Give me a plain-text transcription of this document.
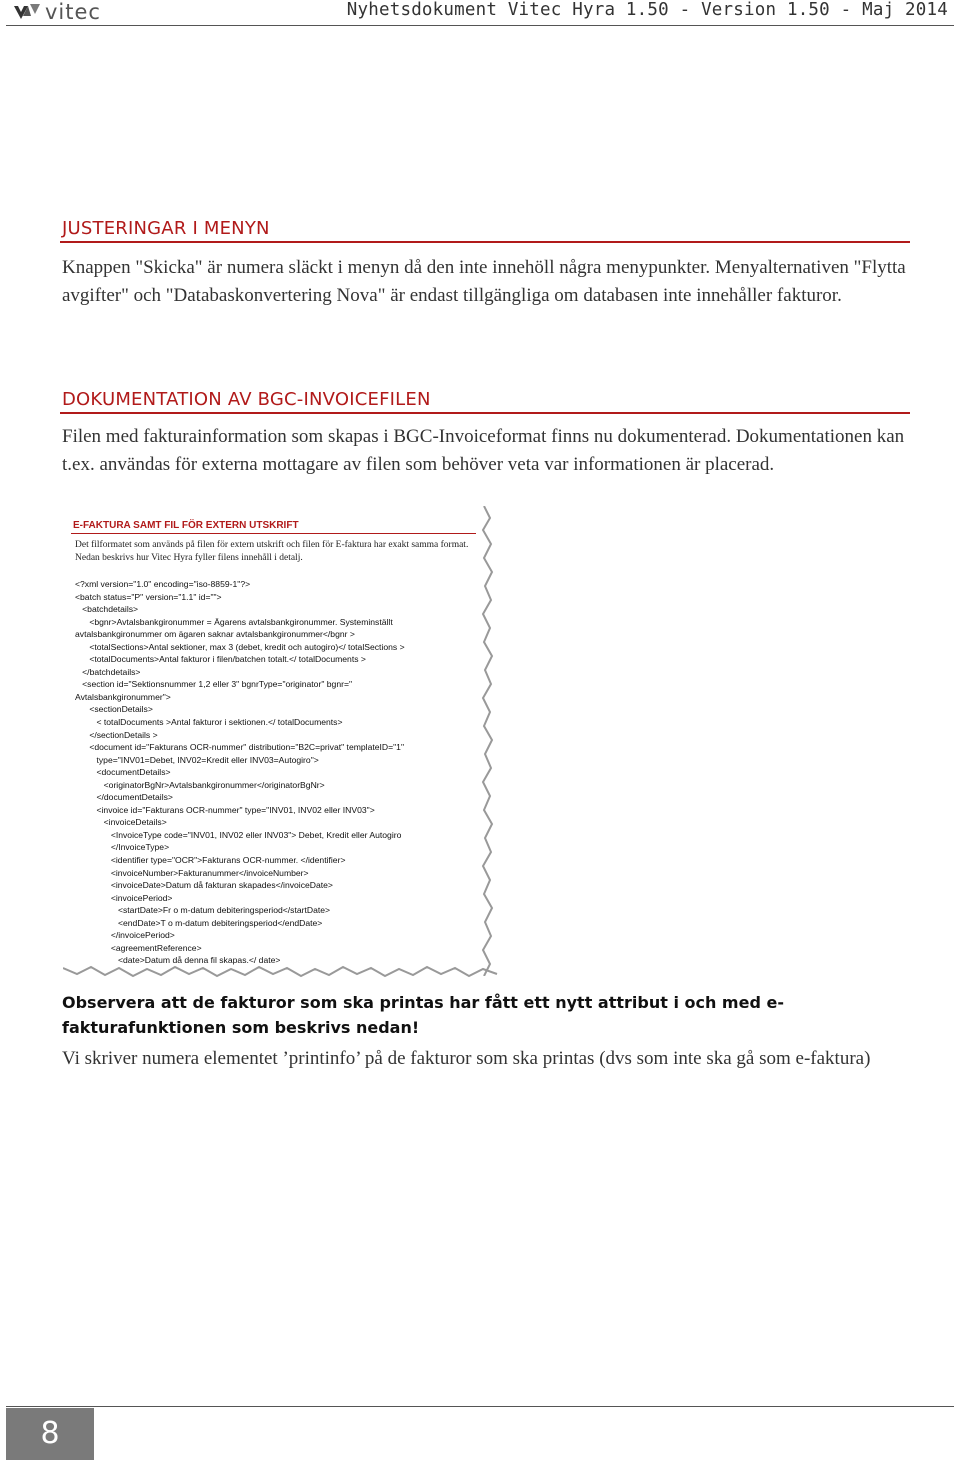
vitec	Nyhetsdokument Vitec Hyra 1.50 - Version 1.50 - Maj 2014
JUSTERINGAR I MENYN
Knappen "Skicka" är numera släckt i menyn då den inte innehöll några menypunkter. Menyalternativen "Flytta avgifter" och "Databaskonvertering Nova" är endast tillgängliga om databasen inte innehåller fakturor.
DOKUMENTATION AV BGC-INVOICEFILEN
Filen med fakturainformation som skapas i BGC-Invoiceformat finns nu dokumenterad. Dokumentationen kan t.ex. användas för externa mottagare av filen som behöver veta var informationen är placerad.
E-FAKTURA SAMT FIL FÖR EXTERN UTSKRIFT
Det filformatet som används på filen för extern utskrift och filen för E-faktura har exakt samma format. Nedan beskrivs hur Vitec Hyra fyller filens innehåll i detalj.
<?xml version="1.0" encoding="iso-8859-1"?>
<batch status="P" version="1.1" id="">
<batchdetails>
<bgnr>Avtalsbankgironummer = Ägarens avtalsbankgironummer. Systeminställt
avtalsbankgironummer om ägaren saknar avtalsbankgironummer</bgnr >
<totalSections>Antal sektioner, max 3 (debet, kredit och autogiro)</ totalSections >
<totalDocuments>Antal fakturor i filen/batchen totalt.</ totalDocuments >
</batchdetails>
<section id="Sektionsnummer 1,2 eller 3" bgnrType="originator" bgnr="
Avtalsbankgironummer">
<sectionDetails>
< totalDocuments >Antal fakturor i sektionen.</ totalDocuments>
</sectionDetails >
<document id="Fakturans OCR-nummer" distribution="B2C=privat" templateID="1"
type="INV01=Debet, INV02=Kredit eller INV03=Autogiro">
<documentDetails>
<originatorBgNr>Avtalsbankgironummer</originatorBgNr>
</documentDetails>
<invoice id="Fakturans OCR-nummer" type="INV01, INV02 eller INV03">
<invoiceDetails>
<InvoiceType code="INV01, INV02 eller INV03"> Debet, Kredit eller Autogiro
</InvoiceType>
<identifier type="OCR">Fakturans OCR-nummer. </identifier>
<invoiceNumber>Fakturanummer</invoiceNumber>
<invoiceDate>Datum då fakturan skapades</invoiceDate>
<invoicePeriod>
<startDate>Fr o m-datum debiteringsperiod</startDate>
<endDate>T o m-datum debiteringsperiod</endDate>
</invoicePeriod>
<agreementReference>
<date>Datum då denna fil skapas.</ date>
Observera att de fakturor som ska printas har fått ett nytt attribut i och med e-fakturafunktionen som beskrivs nedan!
Vi skriver numera elementet ’printinfo’ på de fakturor som ska printas (dvs som inte ska gå som e-faktura)
8
